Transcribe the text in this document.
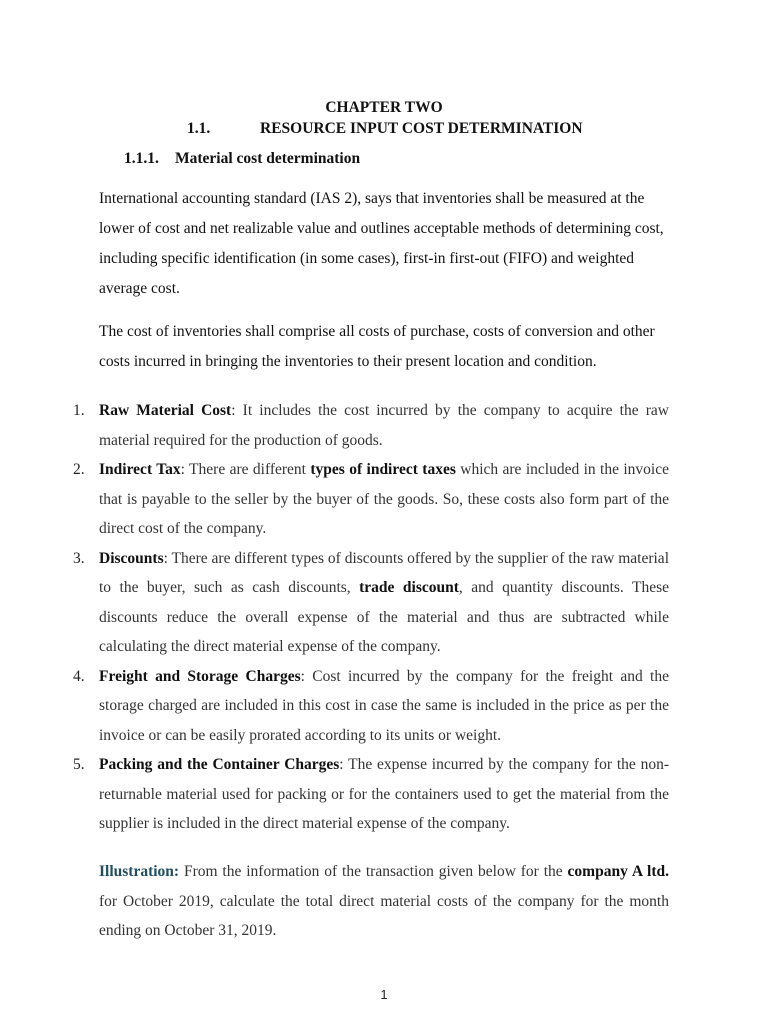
CHAPTER TWO
1.1.	RESOURCE INPUT COST DETERMINATION
1.1.1. Material cost determination

International accounting standard (IAS 2), says that inventories shall be measured at the lower of cost and net realizable value and outlines acceptable methods of determining cost, including specific identification (in some cases), first-in first-out (FIFO) and weighted average cost.

The cost of inventories shall comprise all costs of purchase, costs of conversion and other costs incurred in bringing the inventories to their present location and condition.

1. Raw Material Cost: It includes the cost incurred by the company to acquire the raw material required for the production of goods.
2. Indirect Tax: There are different types of indirect taxes which are included in the invoice that is payable to the seller by the buyer of the goods. So, these costs also form part of the direct cost of the company.
3. Discounts: There are different types of discounts offered by the supplier of the raw material to the buyer, such as cash discounts, trade discount, and quantity discounts. These discounts reduce the overall expense of the material and thus are subtracted while calculating the direct material expense of the company.
4. Freight and Storage Charges: Cost incurred by the company for the freight and the storage charged are included in this cost in case the same is included in the price as per the invoice or can be easily prorated according to its units or weight.
5. Packing and the Container Charges: The expense incurred by the company for the non-returnable material used for packing or for the containers used to get the material from the supplier is included in the direct material expense of the company.

Illustration: From the information of the transaction given below for the company A ltd. for October 2019, calculate the total direct material costs of the company for the month ending on October 31, 2019.

1
